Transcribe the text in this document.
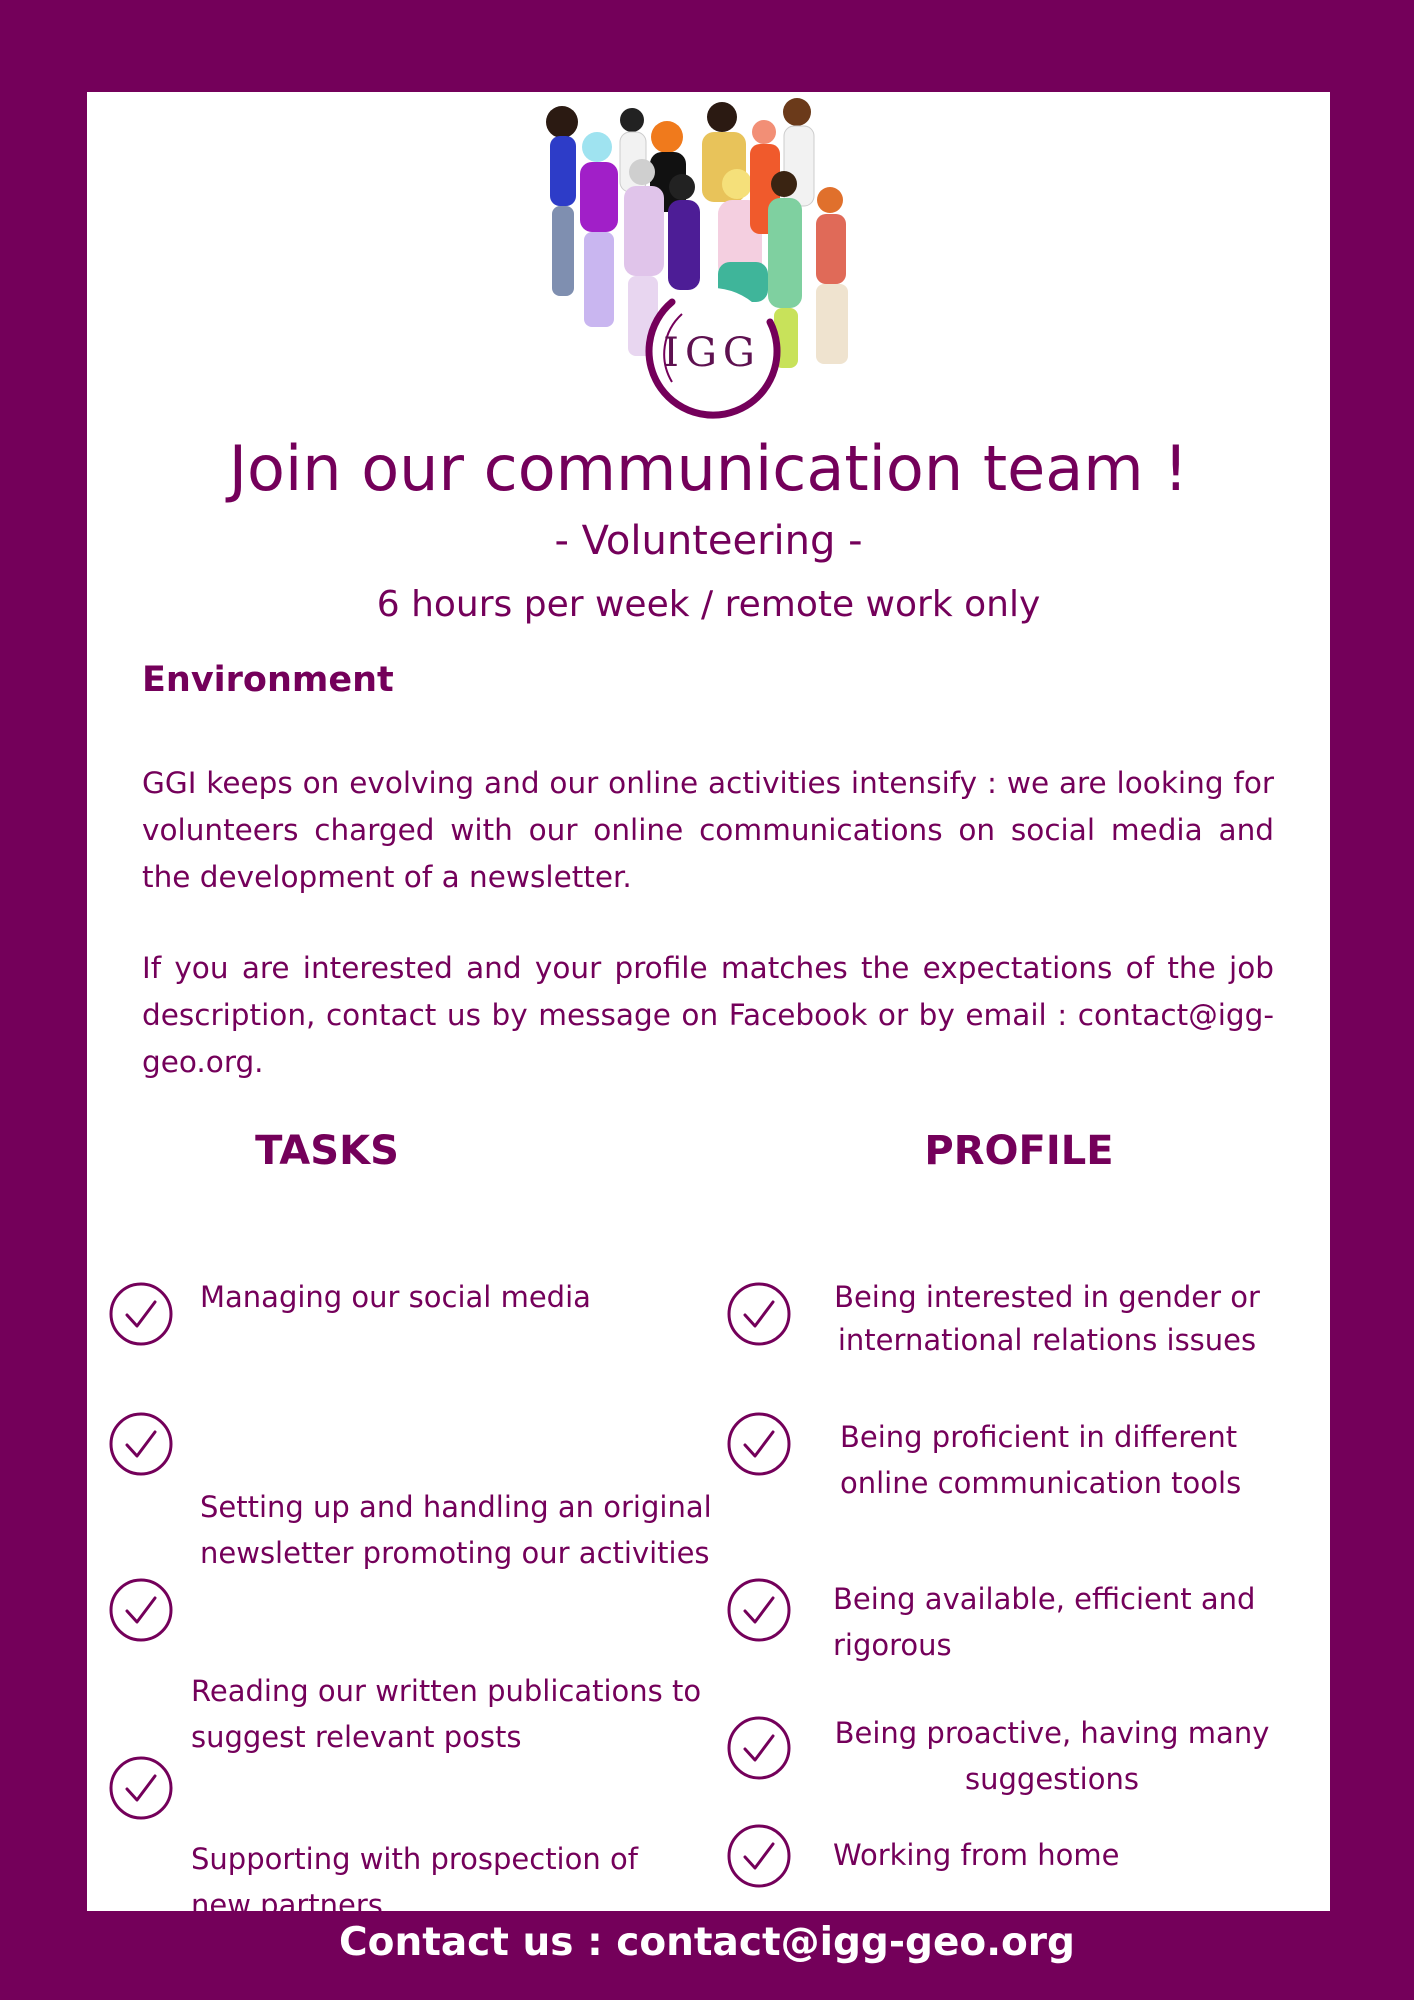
IGG
Join our communication team !
- Volunteering -
6 hours per week / remote work only
Environment

GGI keeps on evolving and our online activities intensify : we are looking for volunteers charged with our online communications on social media and the development of a newsletter.

If you are interested and your profile matches the expectations of the job description, contact us by message on Facebook or by email : contact@igg-geo.org.

TASKS	PROFILE
Managing our social media
Setting up and handling an original newsletter promoting our activities
Reading our written publications to suggest relevant posts
Supporting with prospection of new partners
Being interested in gender or international relations issues
Being proficient in different online communication tools
Being available, efficient and rigorous
Being proactive, having many suggestions
Working from home
Contact us : contact@igg-geo.org
